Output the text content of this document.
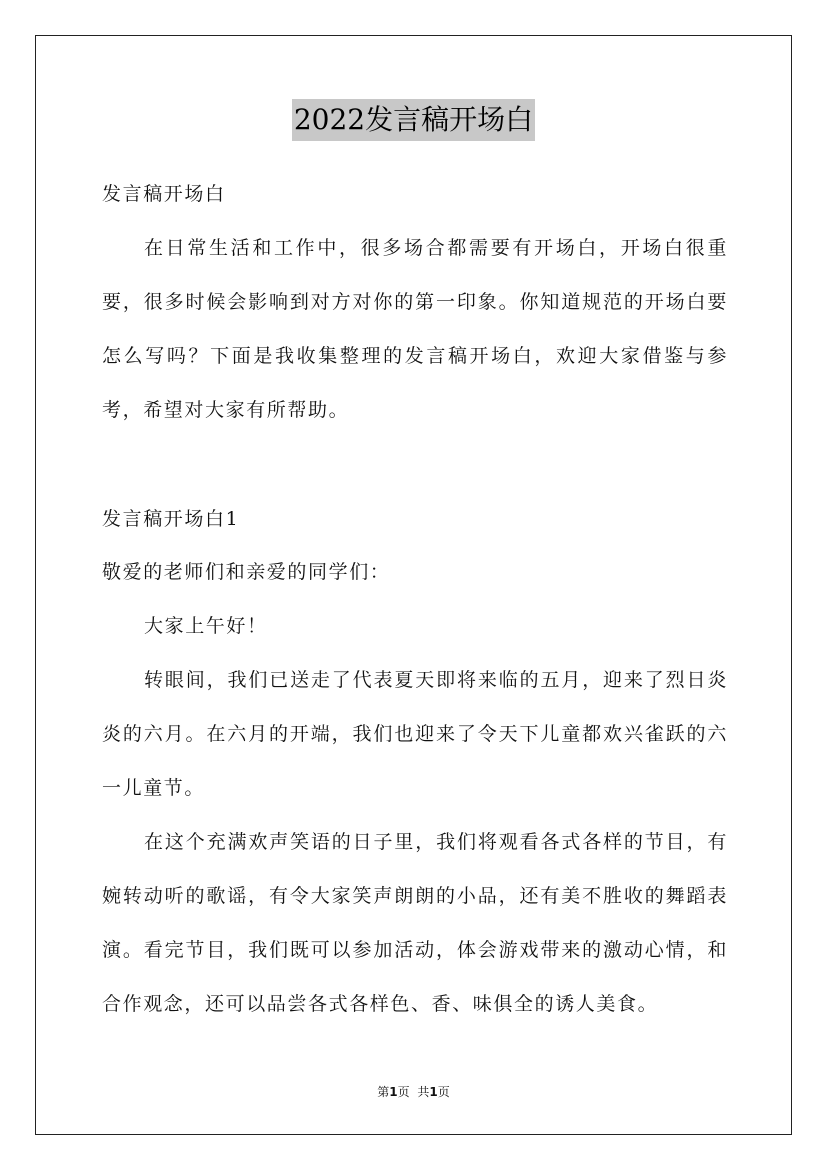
2022发言稿开场白

发言稿开场白

在日常生活和工作中，很多场合都需要有开场白，开场白很重要，很多时候会影响到对方对你的第一印象。你知道规范的开场白要怎么写吗？下面是我收集整理的发言稿开场白，欢迎大家借鉴与参考，希望对大家有所帮助。

发言稿开场白1

敬爱的老师们和亲爱的同学们：

大家上午好！

转眼间，我们已送走了代表夏天即将来临的五月，迎来了烈日炎炎的六月。在六月的开端，我们也迎来了令天下儿童都欢兴雀跃的六一儿童节。

在这个充满欢声笑语的日子里，我们将观看各式各样的节目，有婉转动听的歌谣，有令大家笑声朗朗的小品，还有美不胜收的舞蹈表演。看完节目，我们既可以参加活动，体会游戏带来的激动心情，和合作观念，还可以品尝各式各样色、香、味俱全的诱人美食。

第1页 共1页
